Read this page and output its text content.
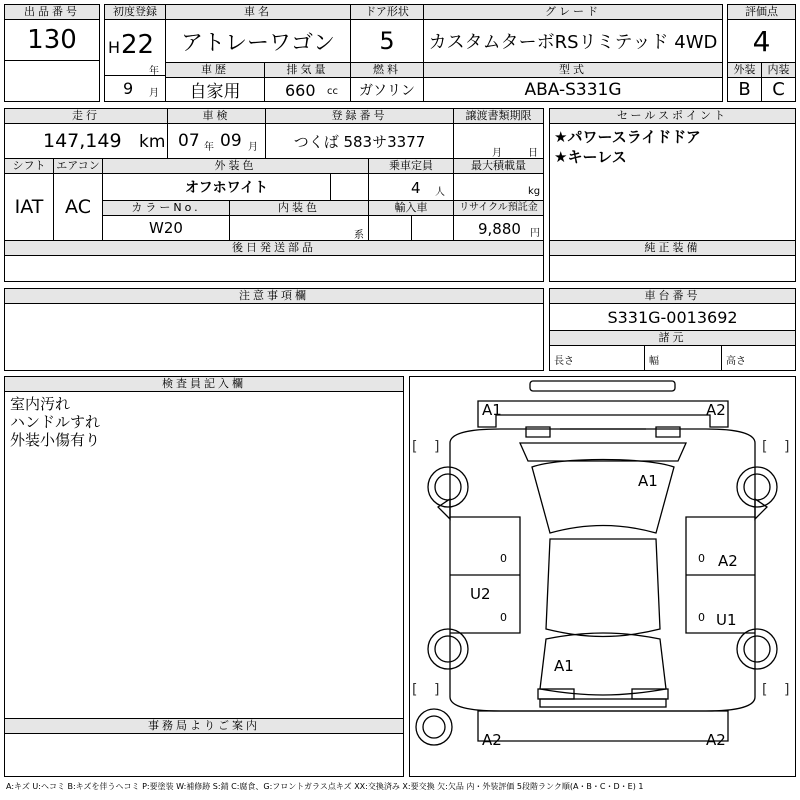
出品番号
130
初度登録
H 22
年
9 月
車名
アトレーワゴン
ドア形状
5
グレード
カスタムターボRSリミテッド 4WD
評価点
4
車歴
自家用
排気量
660 cc
燃料
ガソリン
型式
ABA-S331G
外装
B
内装
C
走行
147,149 km
車検
07 年 09 月
登録番号
つくば 583サ3377
譲渡書類期限
月	日
セールスポイント
★パワースライドドア
★キーレス
シフト
IAT
エアコン
AC
外装色
オフホワイト
乗車定員
4 人
最大積載量
kg
カラーNo.
W20
内装色
系
輸入車	リサイクル預託金
9,880 円
後日発送部品	純正装備
注意事項欄	車台番号
S331G-0013692
諸元
長さ	幅	高さ
検査員記入欄
室内汚れ
ハンドルすれ
外装小傷有り
事務局よりご案内
A1	A2
A1
A2
U2
U1
A1
A2	A2
0	0
0	0
[ ]	[ ]
[ ]	[ ]
A:キズ U:ヘコミ B:キズを伴うヘコミ P:要塗装 W:補修跡 S:錆 C:腐食、G:フロントガラス点キズ XX:交換済み X:要交換 欠:欠品 内・外装評価 5段階ランク順(A・B・C・D・E) 1
